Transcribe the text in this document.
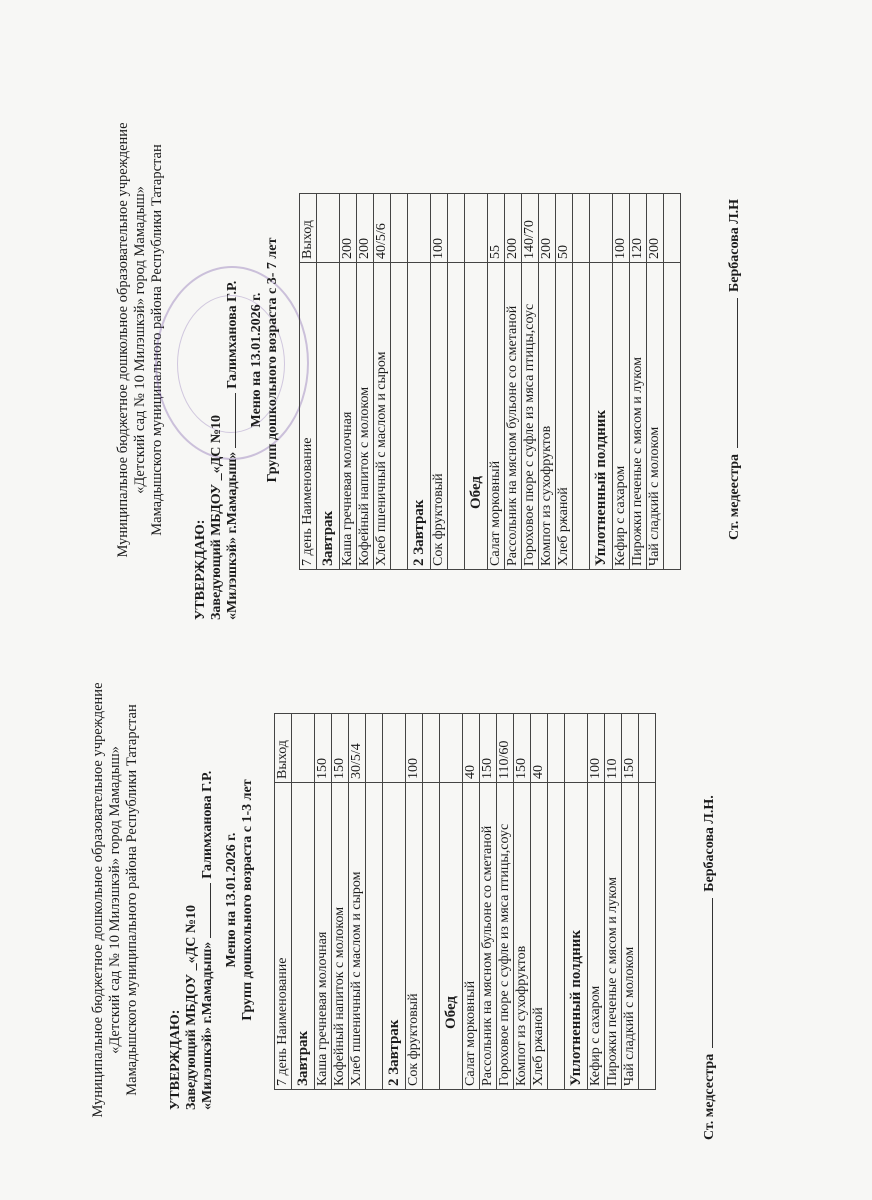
Муниципальное бюджетное дошкольное образовательное учреждение «Детский сад № 10 Милэшкэй» город Мамадыш» Мамадышского муниципального района Республики Татарстан УТВЕРЖДАЮ: Заведующий МБДОУ _«ДС №10 «Милэшкэй» г.Мамадыш»Галимханова Г.Р.
Меню на 13.01.2026 г. Групп дошкольного возраста с 1-3 лет
7 день Наименование	Выход
Завтрак	
Каша гречневая молочная	150
Кофейный напиток с молоком	150
Хлеб пшеничный с маслом и сыром	30/5/4

2 Завтрак	
Сок фруктовый	100

Обед	
Салат морковный	40
Рассольник на мясном бульоне со сметаной	150
Гороховое пюре с суфле из мяса птицы,соус	110/60
Компот из сухофруктов	150
Хлеб ржаной	40

Уплотненный полдник	
Кефир с сахаром	100
Пирожки печеные с мясом и луком	110
Чай сладкий с молоком	150

Ст. медсестраБербасова Л.Н.
Муниципальное бюджетное дошкольное образовательное учреждение «Детский сад № 10 Милэшкэй» город Мамадыш» Мамадышского муниципального района Республики Татарстан
УТВЕРЖДАЮ: Заведующий МБДОУ _«ДС №10 «Милэшкэй» г.Мамадыш»Галимханова Г.Р. Меню на 13.01.2026 г. Групп дошкольного возраста с 3- 7 лет
7 день Наименование	Выход
Завтрак	
Каша гречневая молочная	200
Кофейный напиток с молоком	200
Хлеб пшеничный с маслом и сыром	40/5/6

2 Завтрак	
Сок фруктовый	100

Обед	
Салат морковный	55
Рассольник на мясном бульоне со сметаной	200
Гороховое пюре с суфле из мяса птицы,соус	140/70
Компот из сухофруктов	200
Хлеб ржаной	50

Уплотненный полдник	
Кефир с сахаром	100
Пирожки печеные с мясом и луком	120
Чай сладкий с молоком	200

Ст. медеестраБербасова Л.Н
